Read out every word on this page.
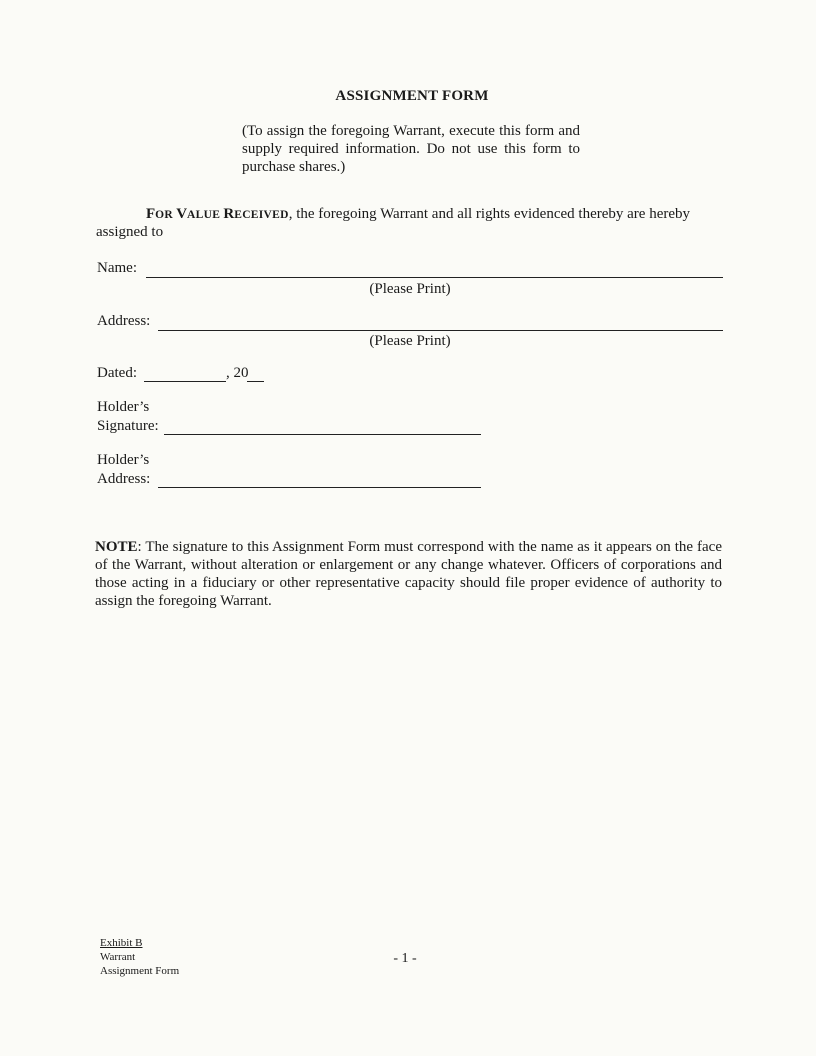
ASSIGNMENT FORM
(To assign the foregoing Warrant, execute this form and supply required information. Do not use this form to purchase shares.)
FOR VALUE RECEIVED, the foregoing Warrant and all rights evidenced thereby are hereby assigned to
Name:
(Please Print)
Address:
(Please Print)
Dated:	, 20
Holder’s
Signature:
Holder’s
Address:
NOTE: The signature to this Assignment Form must correspond with the name as it appears on the face of the Warrant, without alteration or enlargement or any change whatever. Officers of corporations and those acting in a fiduciary or other representative capacity should file proper evidence of authority to assign the foregoing Warrant.
Exhibit B
Warrant
Assignment Form
- 1 -
